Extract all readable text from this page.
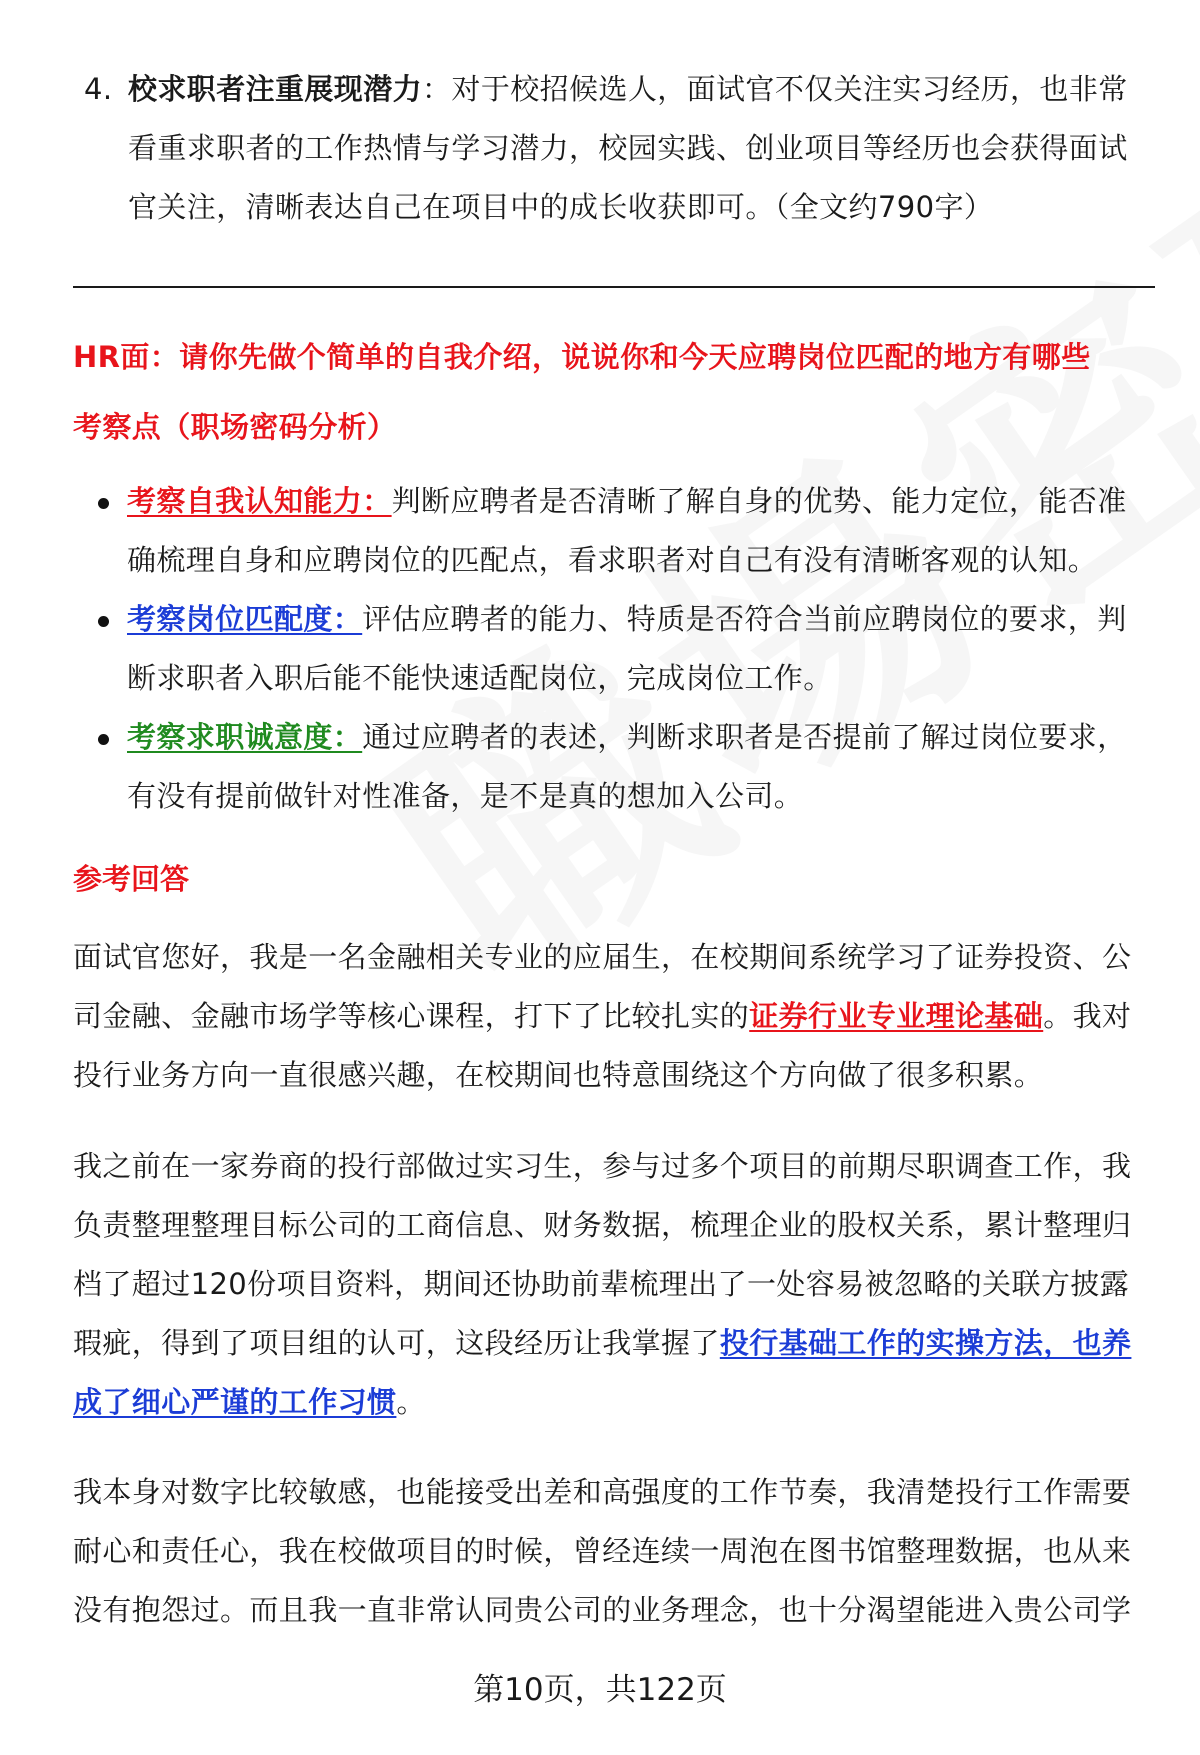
4. 校求职者注重展现潜力：对于校招候选人，面试官不仅关注实习经历，也非常看重求职者的工作热情与学习潜力，校园实践、创业项目等经历也会获得面试官关注，清晰表达自己在项目中的成长收获即可。（全文约790字）

HR面：请你先做个简单的自我介绍，说说你和今天应聘岗位匹配的地方有哪些

考察点（职场密码分析）

考察自我认知能力：判断应聘者是否清晰了解自身的优势、能力定位，能否准确梳理自身和应聘岗位的匹配点，看求职者对自己有没有清晰客观的认知。
考察岗位匹配度：评估应聘者的能力、特质是否符合当前应聘岗位的要求，判断求职者入职后能不能快速适配岗位，完成岗位工作。
考察求职诚意度：通过应聘者的表述，判断求职者是否提前了解过岗位要求，有没有提前做针对性准备，是不是真的想加入公司。
参考回答

面试官您好，我是一名金融相关专业的应届生，在校期间系统学习了证券投资、公司金融、金融市场学等核心课程，打下了比较扎实的证券行业专业理论基础。我对投行业务方向一直很感兴趣，在校期间也特意围绕这个方向做了很多积累。

我之前在一家券商的投行部做过实习生，参与过多个项目的前期尽职调查工作，我负责整理整理目标公司的工商信息、财务数据，梳理企业的股权关系，累计整理归档了超过120份项目资料，期间还协助前辈梳理出了一处容易被忽略的关联方披露瑕疵，得到了项目组的认可，这段经历让我掌握了投行基础工作的实操方法，也养成了细心严谨的工作习惯。

我本身对数字比较敏感，也能接受出差和高强度的工作节奏，我清楚投行工作需要耐心和责任心，我在校做项目的时候，曾经连续一周泡在图书馆整理数据，也从来没有抱怨过。而且我一直非常认同贵公司的业务理念，也十分渴望能进入贵公司学

第10页，共122页
